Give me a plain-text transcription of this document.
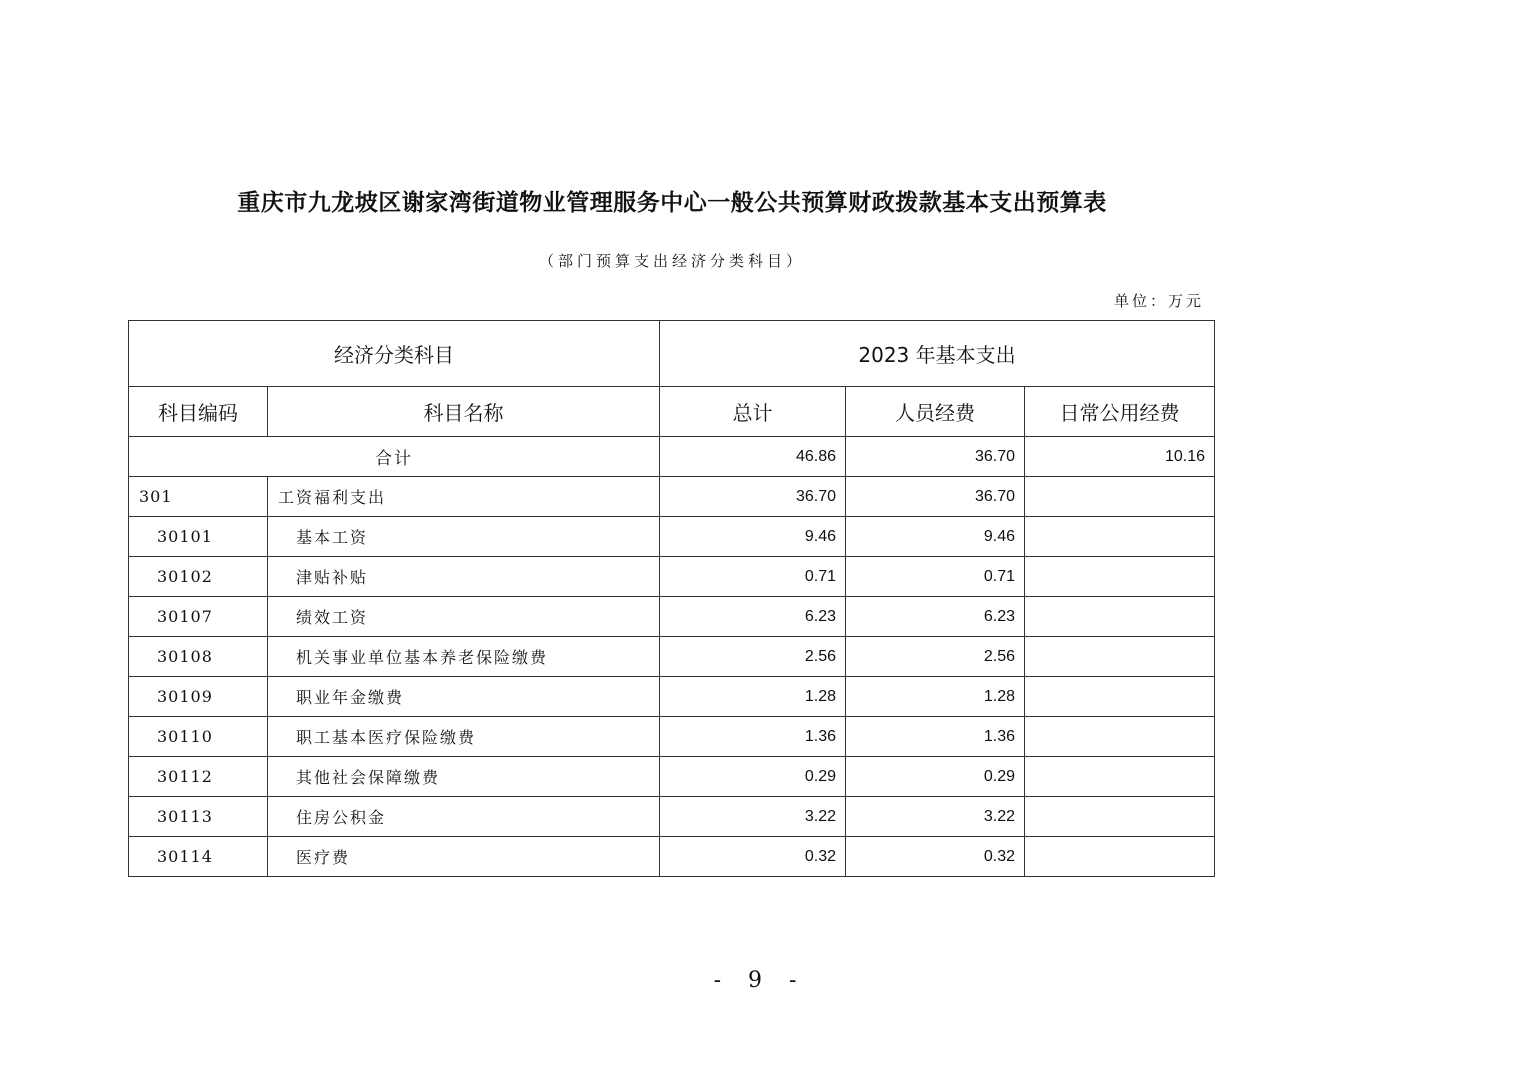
重庆市九龙坡区谢家湾街道物业管理服务中心一般公共预算财政拨款基本支出预算表
（部门预算支出经济分类科目）
单位：万元
经济分类科目		2023 年基本支出		
科目编码	科目名称	总计	人员经费	日常公用经费
合计		46.86	36.70	10.16
301	工资福利支出	36.70	36.70	
30101	基本工资	9.46	9.46	
30102	津贴补贴	0.71	0.71	
30107	绩效工资	6.23	6.23	
30108	机关事业单位基本养老保险缴费	2.56	2.56	
30109	职业年金缴费	1.28	1.28	
30110	职工基本医疗保险缴费	1.36	1.36	
30112	其他社会保障缴费	0.29	0.29	
30113	住房公积金	3.22	3.22	
30114	医疗费	0.32	0.32	
- 9 -
